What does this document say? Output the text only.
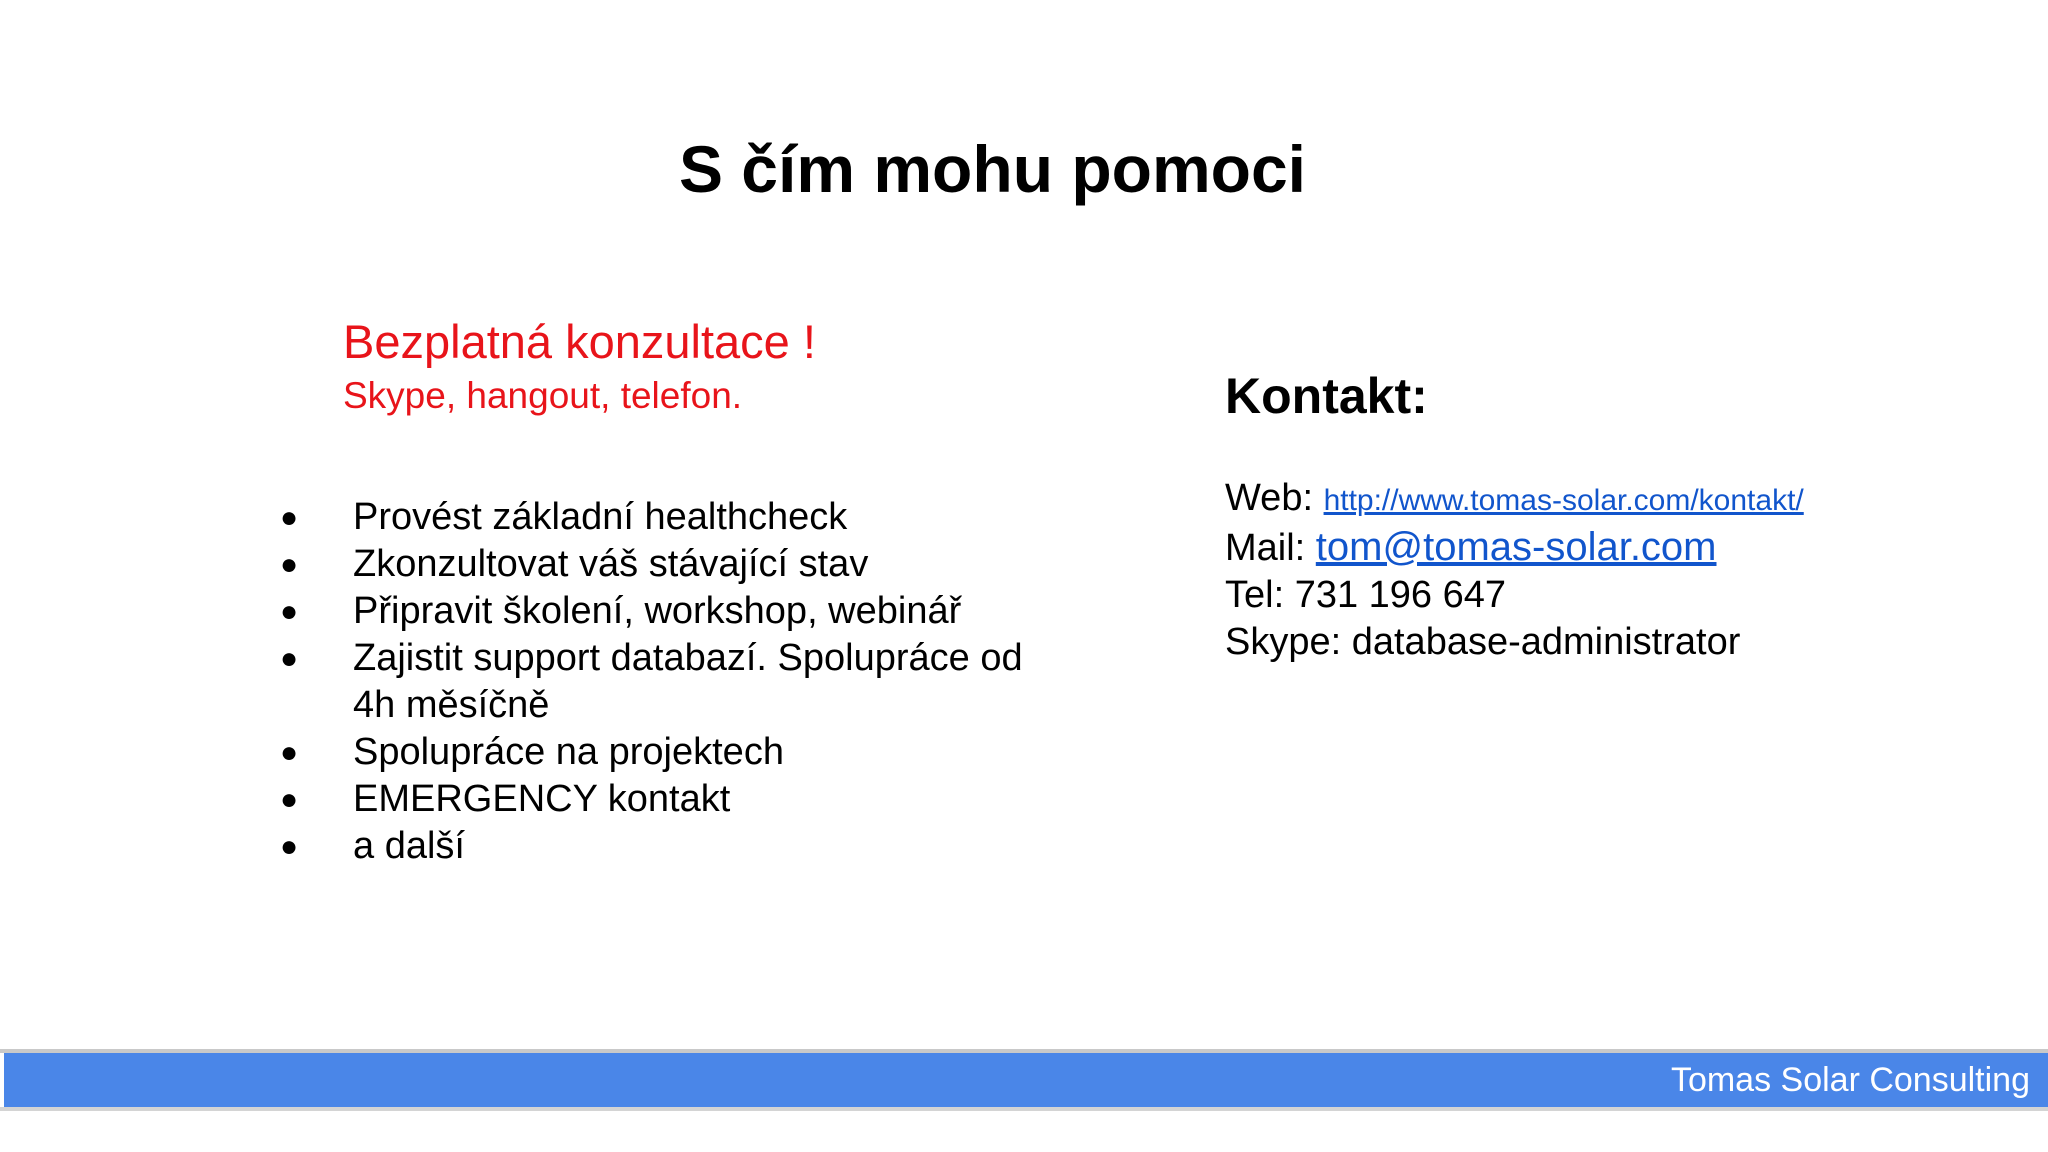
S čím mohu pomoci
Bezplatná konzultace !
Skype, hangout, telefon.
● Provést základní healthcheck
● Zkonzultovat váš stávající stav
● Připravit školení, workshop, webinář
● Zajistit support databazí. Spolupráce od 4h měsíčně
● Spolupráce na projektech
● EMERGENCY kontakt
● a další
Kontakt:
Web: http://www.tomas-solar.com/kontakt/
Mail: tom@tomas-solar.com
Tel: 731 196 647
Skype: database-administrator
Tomas Solar Consulting
